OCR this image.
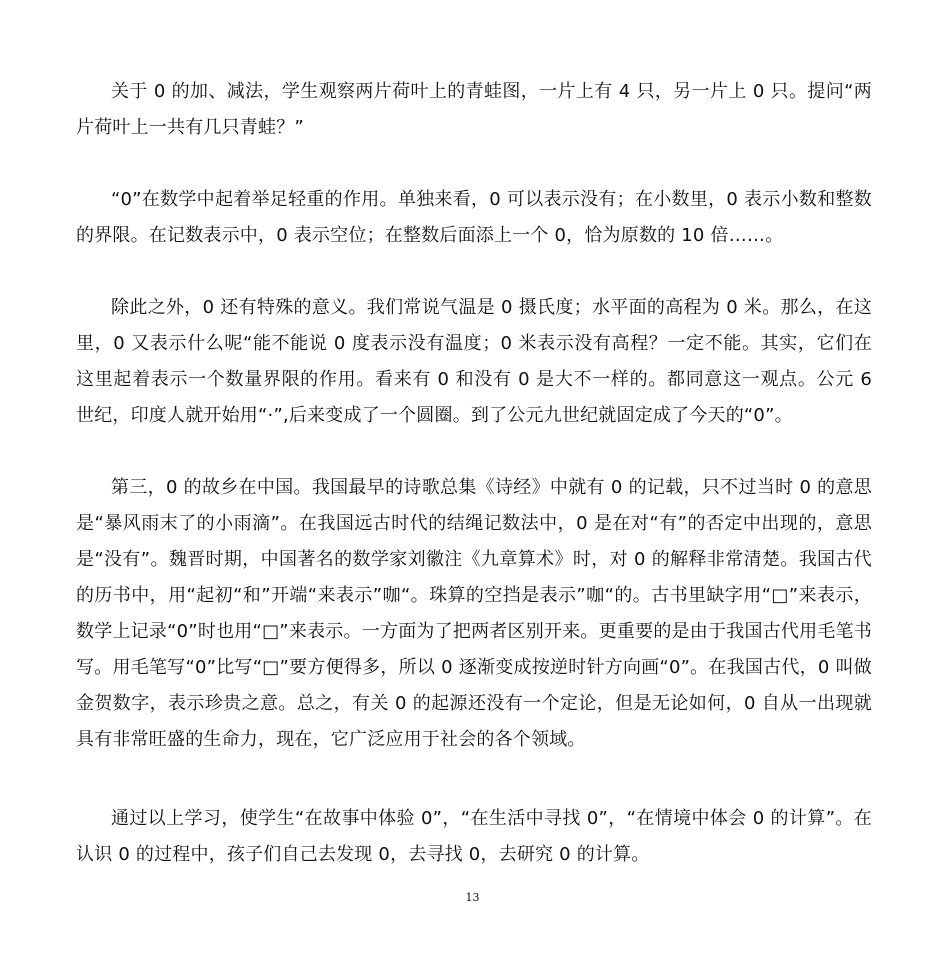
关于 0 的加、减法，学生观察两片荷叶上的青蛙图，一片上有 4 只，另一片上 0 只。提问“两片荷叶上一共有几只青蛙？”

“0”在数学中起着举足轻重的作用。单独来看，0 可以表示没有；在小数里，0 表示小数和整数的界限。在记数表示中，0 表示空位；在整数后面添上一个 0，恰为原数的 10 倍……。

除此之外，0 还有特殊的意义。我们常说气温是 0 摄氏度；水平面的高程为 0 米。那么，在这里，0 又表示什么呢“能不能说 0 度表示没有温度；0 米表示没有高程？一定不能。其实，它们在这里起着表示一个数量界限的作用。看来有 0 和没有 0 是大不一样的。都同意这一观点。公元 6 世纪，印度人就开始用“·”,后来变成了一个圆圈。到了公元九世纪就固定成了今天的“0”。

第三，0 的故乡在中国。我国最早的诗歌总集《诗经》中就有 0 的记载，只不过当时 0 的意思是“暴风雨末了的小雨滴”。在我国远古时代的结绳记数法中，0 是在对“有”的否定中出现的，意思是“没有”。魏晋时期，中国著名的数学家刘徽注《九章算术》时，对 0 的解释非常清楚。我国古代的历书中，用“起初“和”开端“来表示”咖“。珠算的空挡是表示”咖“的。古书里缺字用“□”来表示，数学上记录“0”时也用“□”来表示。一方面为了把两者区别开来。更重要的是由于我国古代用毛笔书写。用毛笔写“0”比写“□”要方便得多，所以 0 逐渐变成按逆时针方向画“0”。在我国古代，0 叫做金贺数字，表示珍贵之意。总之，有关 0 的起源还没有一个定论，但是无论如何，0 自从一出现就具有非常旺盛的生命力，现在，它广泛应用于社会的各个领域。

通过以上学习，使学生“在故事中体验 0”，“在生活中寻找 0”，“在情境中体会 0 的计算”。在认识 0 的过程中，孩子们自己去发现 0，去寻找 0，去研究 0 的计算。

13
